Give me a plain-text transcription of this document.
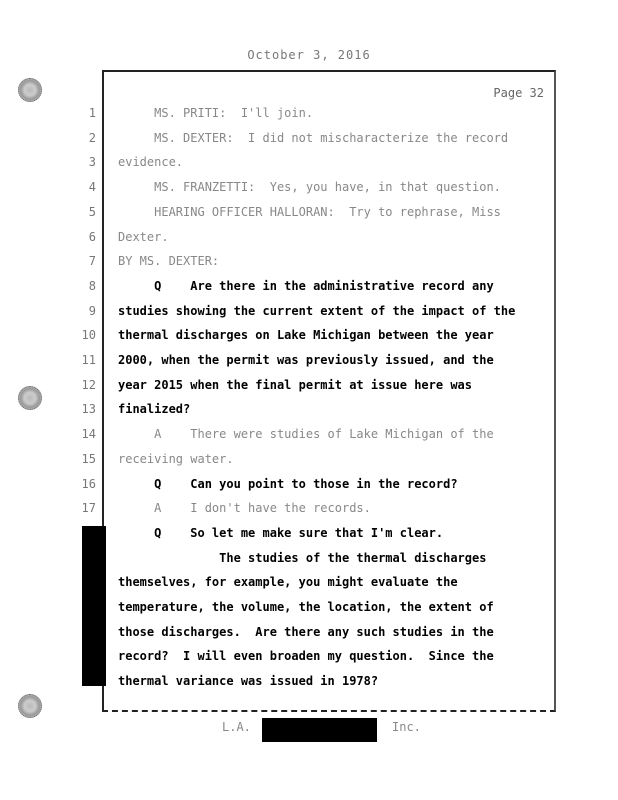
October 3, 2016
Page 32
1 MS. PRITI:  I'll join.
2 MS. DEXTER:  I did not mischaracterize the record
3 evidence.
4 MS. FRANZETTI:  Yes, you have, in that question.
5 HEARING OFFICER HALLORAN:  Try to rephrase, Miss
6 Dexter.
7 BY MS. DEXTER:
8 Q    Are there in the administrative record any
9 studies showing the current extent of the impact of the
10 thermal discharges on Lake Michigan between the year
11 2000, when the permit was previously issued, and the
12 year 2015 when the final permit at issue here was
13 finalized?
14 A    There were studies of Lake Michigan of the
15 receiving water.
16 Q    Can you point to those in the record?
17 A    I don't have the records.
Q    So let me make sure that I'm clear.
The studies of the thermal discharges
themselves, for example, you might evaluate the
temperature, the volume, the location, the extent of
those discharges.  Are there any such studies in the
record?  I will even broaden my question.  Since the
thermal variance was issued in 1978?
L.A.	Inc.
